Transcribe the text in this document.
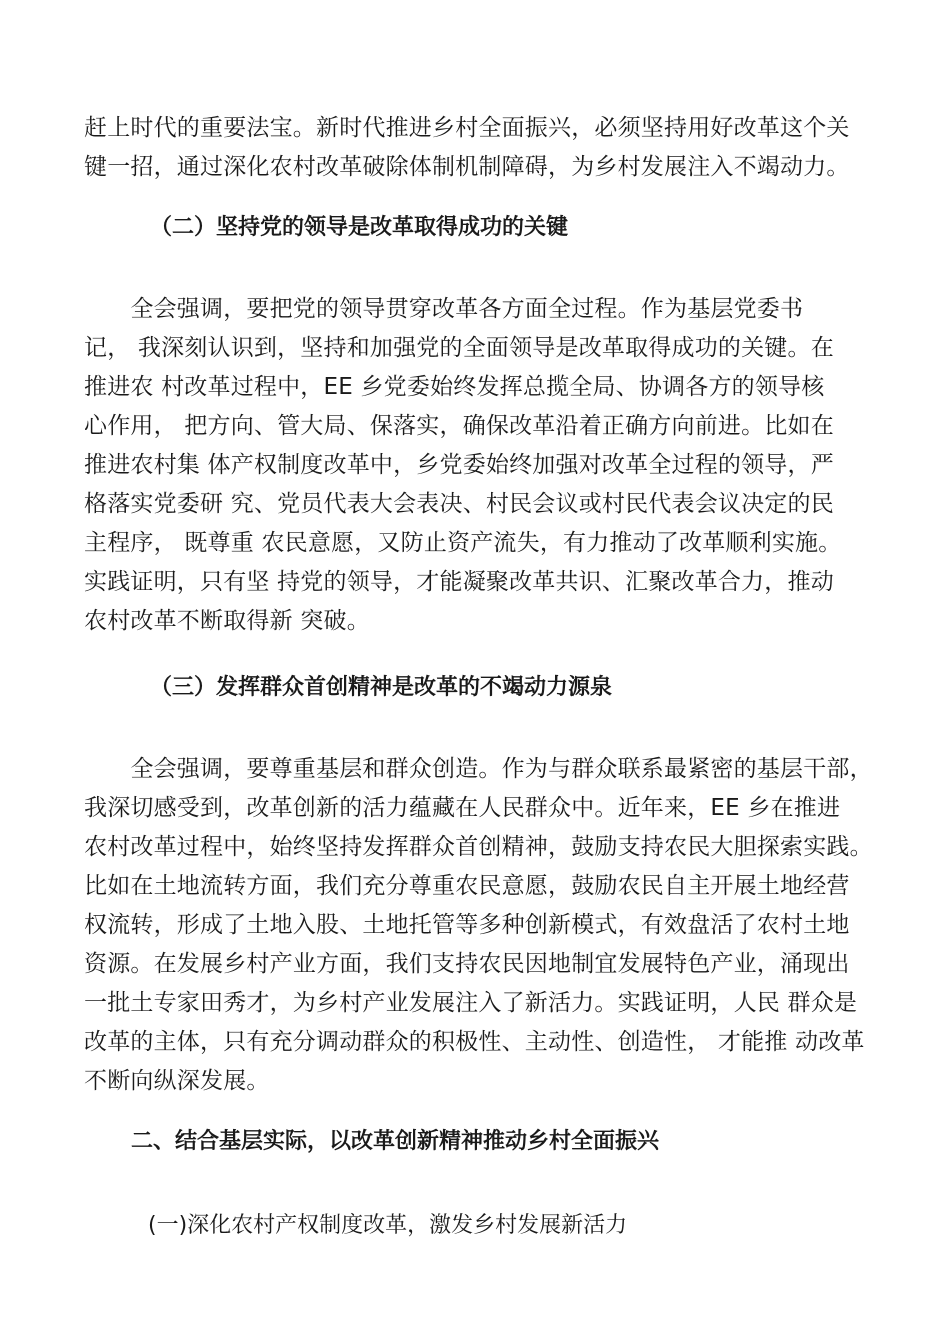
赶上时代的重要法宝。新时代推进乡村全面振兴，必须坚持用好改革这个关
键一招，通过深化农村改革破除体制机制障碍，为乡村发展注入不竭动力。
（二）坚持党的领导是改革取得成功的关键
　　全会强调，要把党的领导贯穿改革各方面全过程。作为基层党委书
记， 我深刻认识到，坚持和加强党的全面领导是改革取得成功的关键。在
推进农 村改革过程中，EE 乡党委始终发挥总揽全局、协调各方的领导核
心作用， 把方向、管大局、保落实，确保改革沿着正确方向前进。比如在
推进农村集 体产权制度改革中，乡党委始终加强对改革全过程的领导，严
格落实党委研 究、党员代表大会表决、村民会议或村民代表会议决定的民
主程序， 既尊重 农民意愿，又防止资产流失，有力推动了改革顺利实施。
实践证明，只有坚 持党的领导，才能凝聚改革共识、汇聚改革合力，推动
农村改革不断取得新 突破。
（三）发挥群众首创精神是改革的不竭动力源泉
　　全会强调，要尊重基层和群众创造。作为与群众联系最紧密的基层干部，
我深切感受到，改革创新的活力蕴藏在人民群众中。近年来，EE 乡在推进
农村改革过程中，始终坚持发挥群众首创精神，鼓励支持农民大胆探索实践。
比如在土地流转方面，我们充分尊重农民意愿，鼓励农民自主开展土地经营
权流转，形成了土地入股、土地托管等多种创新模式，有效盘活了农村土地
资源。在发展乡村产业方面，我们支持农民因地制宜发展特色产业，涌现出
一批土专家田秀才，为乡村产业发展注入了新活力。实践证明，人民 群众是
改革的主体，只有充分调动群众的积极性、主动性、创造性， 才能推 动改革
不断向纵深发展。
二、结合基层实际，以改革创新精神推动乡村全面振兴
(一)深化农村产权制度改革，激发乡村发展新活力
